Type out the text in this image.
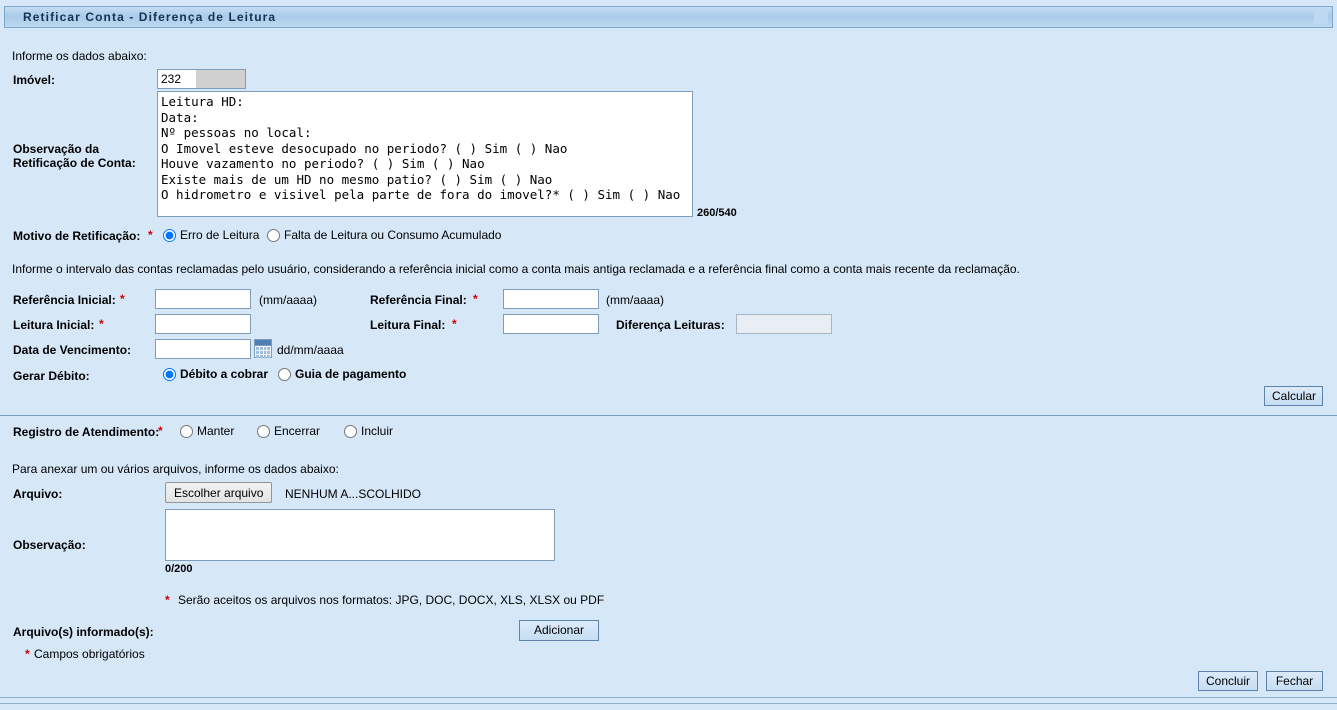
Retificar Conta - Diferença de Leitura
Informe os dados abaixo:
Imóvel:
232
Observação da
Retificação de Conta:
Leitura HD: Data: Nº pessoas no local: O Imovel esteve desocupado no periodo? ( ) Sim ( ) Nao Houve vazamento no periodo? ( ) Sim ( ) Nao Existe mais de um HD no mesmo patio? ( ) Sim ( ) Nao O hidrometro e visivel pela parte de fora do imovel?* ( ) Sim ( ) Nao
260/540
Motivo de Retificação: * Erro de Leitura Falta de Leitura ou Consumo Acumulado
Informe o intervalo das contas reclamadas pelo usuário, considerando a referência inicial como a conta mais antiga reclamada e a referência final como a conta mais recente da reclamação.
Referência Inicial: *	(mm/aaaa)	Referência Final: *	(mm/aaaa)
Leitura Inicial: *	Leitura Final: *	Diferença Leituras:
Data de Vencimento:	dd/mm/aaaa
Gerar Débito:	Débito a cobrar Guia de pagamento
Calcular
Registro de Atendimento:
*	Manter	Encerrar	Incluir
Para anexar um ou vários arquivos, informe os dados abaixo:
Arquivo:	Escolher arquivo	NENHUM A...SCOLHIDO
Observação:
0/200
* Serão aceitos os arquivos nos formatos: JPG, DOC, DOCX, XLS, XLSX ou PDF
Arquivo(s) informado(s):	Adicionar
* Campos obrigatórios
Concluir	Fechar
